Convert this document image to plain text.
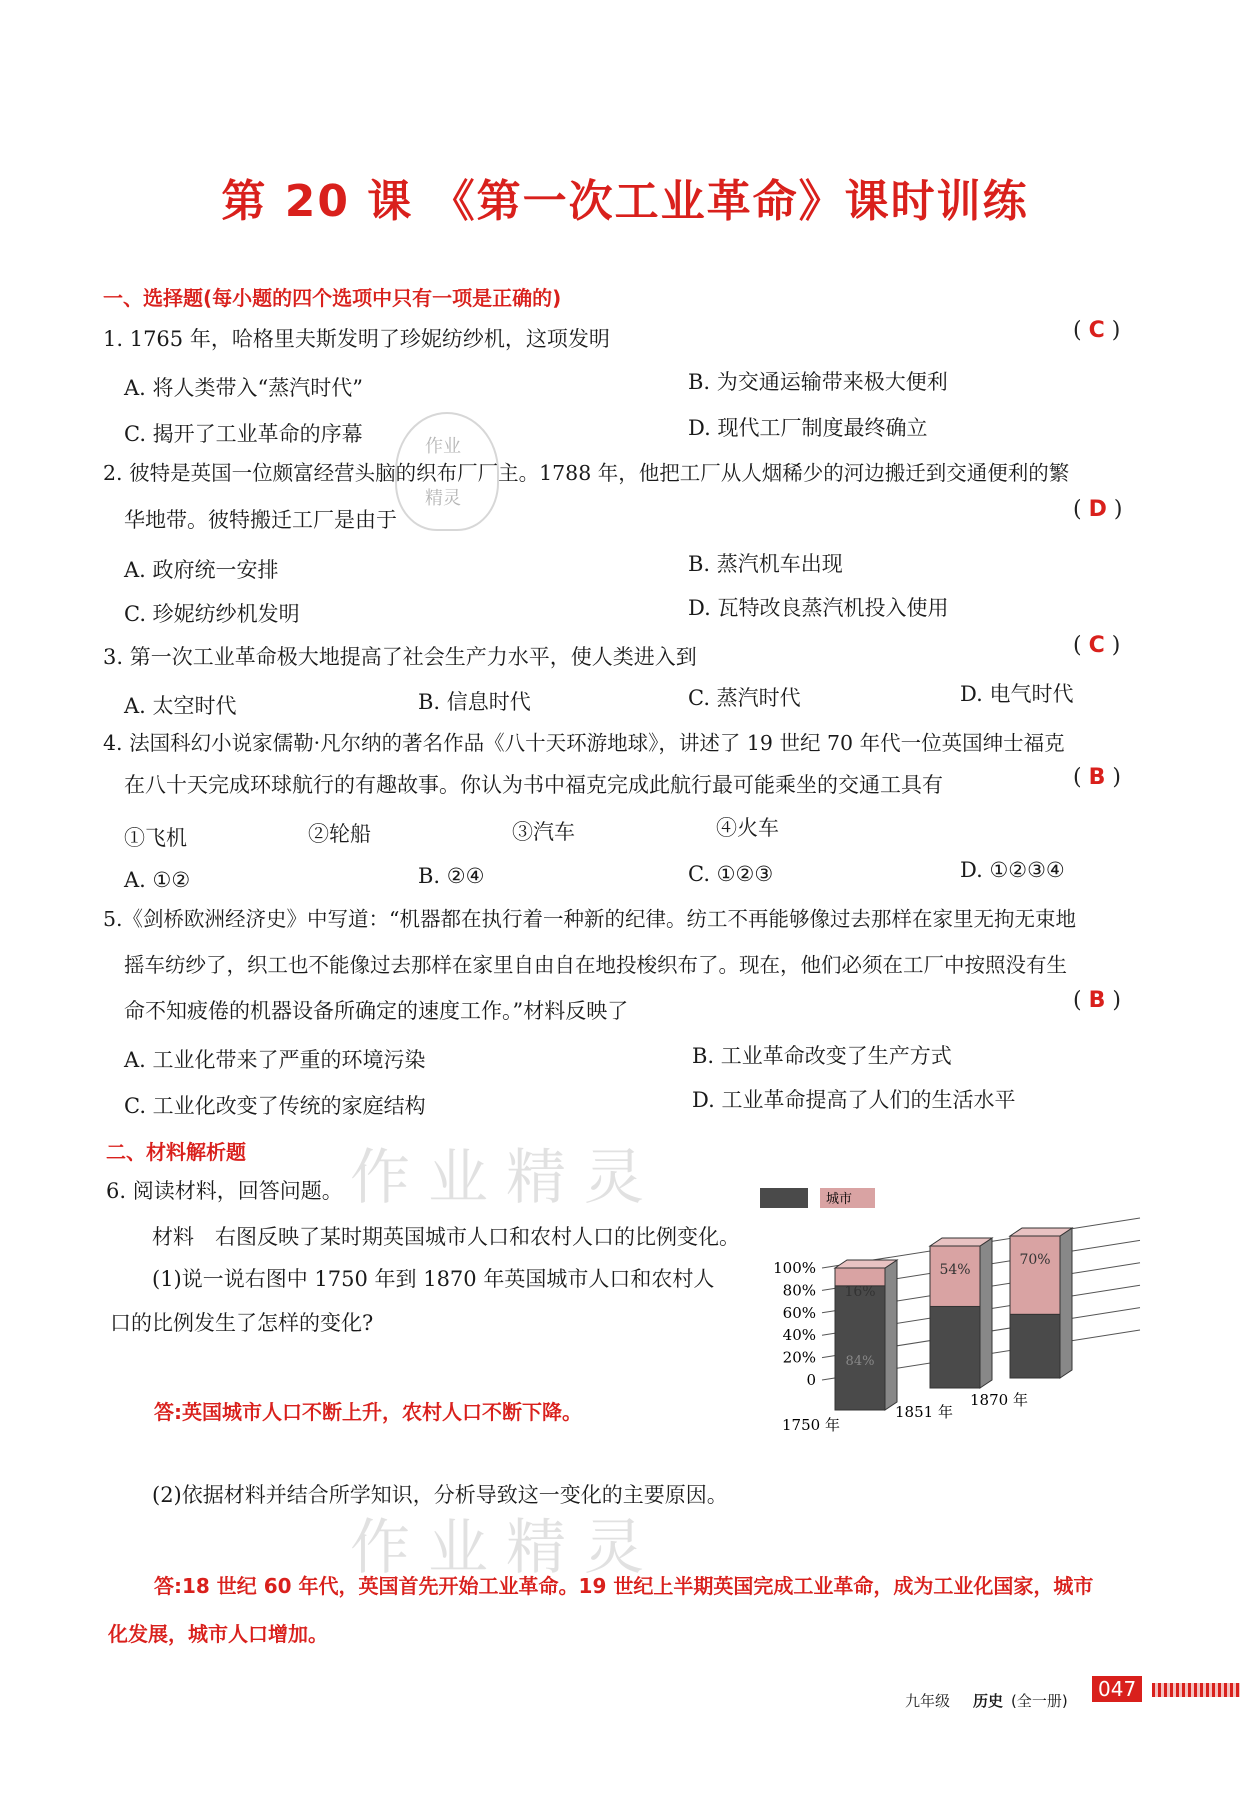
第 20 课 《第一次工业革命》课时训练
一、选择题(每小题的四个选项中只有一项是正确的)
1. 1765 年，哈格里夫斯发明了珍妮纺纱机，这项发明	( C )
A. 将人类带入“蒸汽时代”	B. 为交通运输带来极大便利
C. 揭开了工业革命的序幕	D. 现代工厂制度最终确立
2. 彼特是英国一位颇富经营头脑的织布厂厂主。1788 年，他把工厂从人烟稀少的河边搬迁到交通便利的繁
华地带。彼特搬迁工厂是由于	( D )
A. 政府统一安排	B. 蒸汽机车出现
C. 珍妮纺纱机发明	D. 瓦特改良蒸汽机投入使用
3. 第一次工业革命极大地提高了社会生产力水平，使人类进入到	( C )
A. 太空时代	B. 信息时代	C. 蒸汽时代	D. 电气时代
4. 法国科幻小说家儒勒·凡尔纳的著名作品《八十天环游地球》，讲述了 19 世纪 70 年代一位英国绅士福克
在八十天完成环球航行的有趣故事。你认为书中福克完成此航行最可能乘坐的交通工具有	( B )
①飞机	②轮船	③汽车	④火车
A. ①②	B. ②④	C. ①②③	D. ①②③④
5.《剑桥欧洲经济史》中写道：“机器都在执行着一种新的纪律。纺工不再能够像过去那样在家里无拘无束地
摇车纺纱了，织工也不能像过去那样在家里自由自在地投梭织布了。现在，他们必须在工厂中按照没有生
命不知疲倦的机器设备所确定的速度工作。”材料反映了	( B )
A. 工业化带来了严重的环境污染	B. 工业革命改变了生产方式
C. 工业化改变了传统的家庭结构	D. 工业革命提高了人们的生活水平
二、材料解析题
6. 阅读材料，回答问题。
材料　右图反映了某时期英国城市人口和农村人口的比例变化。
(1)说一说右图中 1750 年到 1870 年英国城市人口和农村人
口的比例发生了怎样的变化?
答:英国城市人口不断上升，农村人口不断下降。
(2)依据材料并结合所学知识，分析导致这一变化的主要原因。
答:18 世纪 60 年代，英国首先开始工业革命。19 世纪上半期英国完成工业革命，成为工业化国家，城市
化发展，城市人口增加。
城市
100%
80%
60%
40%
20%
0
16%
1750 年
54%
1851 年
70%
1870 年
84%
作业精灵
作业精灵
作业
精灵
九年级 历史 (全一册)	047
